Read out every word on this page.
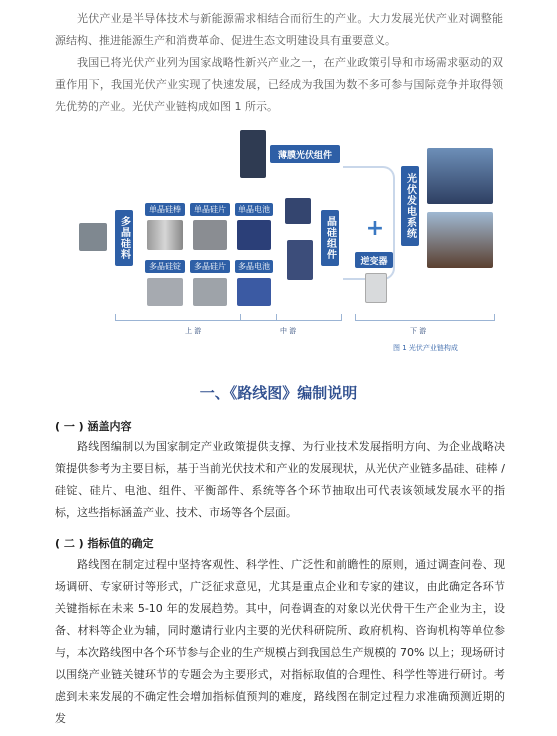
光伏产业是半导体技术与新能源需求相结合而衍生的产业。大力发展光伏产业对调整能源结构、推进能源生产和消费革命、促进生态文明建设具有重要意义。

我国已将光伏产业列为国家战略性新兴产业之一，在产业政策引导和市场需求驱动的双重作用下，我国光伏产业实现了快速发展，已经成为我国为数不多可参与国际竞争并取得领先优势的产业。光伏产业链构成如图 1 所示。

多晶硅料
单晶硅棒	单晶硅片	单晶电池
多晶硅锭	多晶硅片	多晶电池
薄膜光伏组件
晶硅组件 +
逆变器
光伏发电系统
上 游	中 游	下 游
图 1 光伏产业链构成
一、《路线图》编制说明
( 一 ) 涵盖内容

路线图编制以为国家制定产业政策提供支撑、为行业技术发展指明方向、为企业战略决策提供参考为主要目标，基于当前光伏技术和产业的发展现状，从光伏产业链多晶硅、硅棒 / 硅锭、硅片、电池、组件、平衡部件、系统等各个环节抽取出可代表该领域发展水平的指标，这些指标涵盖产业、技术、市场等各个层面。

( 二 ) 指标值的确定

路线图在制定过程中坚持客观性、科学性、广泛性和前瞻性的原则，通过调查问卷、现场调研、专家研讨等形式，广泛征求意见，尤其是重点企业和专家的建议，由此确定各环节关键指标在未来 5-10 年的发展趋势。其中，问卷调查的对象以光伏骨干生产企业为主，设备、材料等企业为辅，同时邀请行业内主要的光伏科研院所、政府机构、咨询机构等单位参与，本次路线图中各个环节参与企业的生产规模占到我国总生产规模的 70% 以上；现场研讨以围绕产业链关键环节的专题会为主要形式，对指标取值的合理性、科学性等进行研讨。考虑到未来发展的不确定性会增加指标值预判的难度，路线图在制定过程力求准确预测近期的发
